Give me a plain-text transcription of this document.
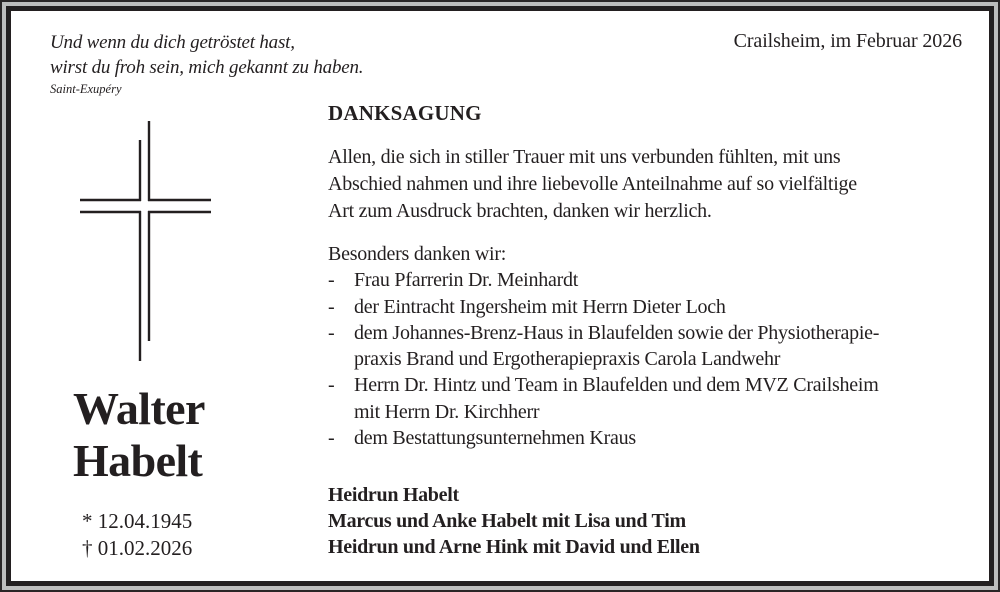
Und wenn du dich getröstet hast,
wirst du froh sein, mich gekannt zu haben.
Saint-Exupéry
Crailsheim, im Februar 2026
Walter
Habelt
* 12.04.1945
† 01.02.2026
DANKSAGUNG
Allen, die sich in stiller Trauer mit uns verbunden fühlten, mit uns
Abschied nahmen und ihre liebevolle Anteilnahme auf so vielfältige
Art zum Ausdruck brachten, danken wir herzlich.
Besonders danken wir:
- Frau Pfarrerin Dr. Meinhardt
- der Eintracht Ingersheim mit Herrn Dieter Loch
- dem Johannes-Brenz-Haus in Blaufelden sowie der Physiotherapie-
praxis Brand und Ergotherapiepraxis Carola Landwehr
- Herrn Dr. Hintz und Team in Blaufelden und dem MVZ Crailsheim
mit Herrn Dr. Kirchherr
- dem Bestattungsunternehmen Kraus
Heidrun Habelt
Marcus und Anke Habelt mit Lisa und Tim
Heidrun und Arne Hink mit David und Ellen
